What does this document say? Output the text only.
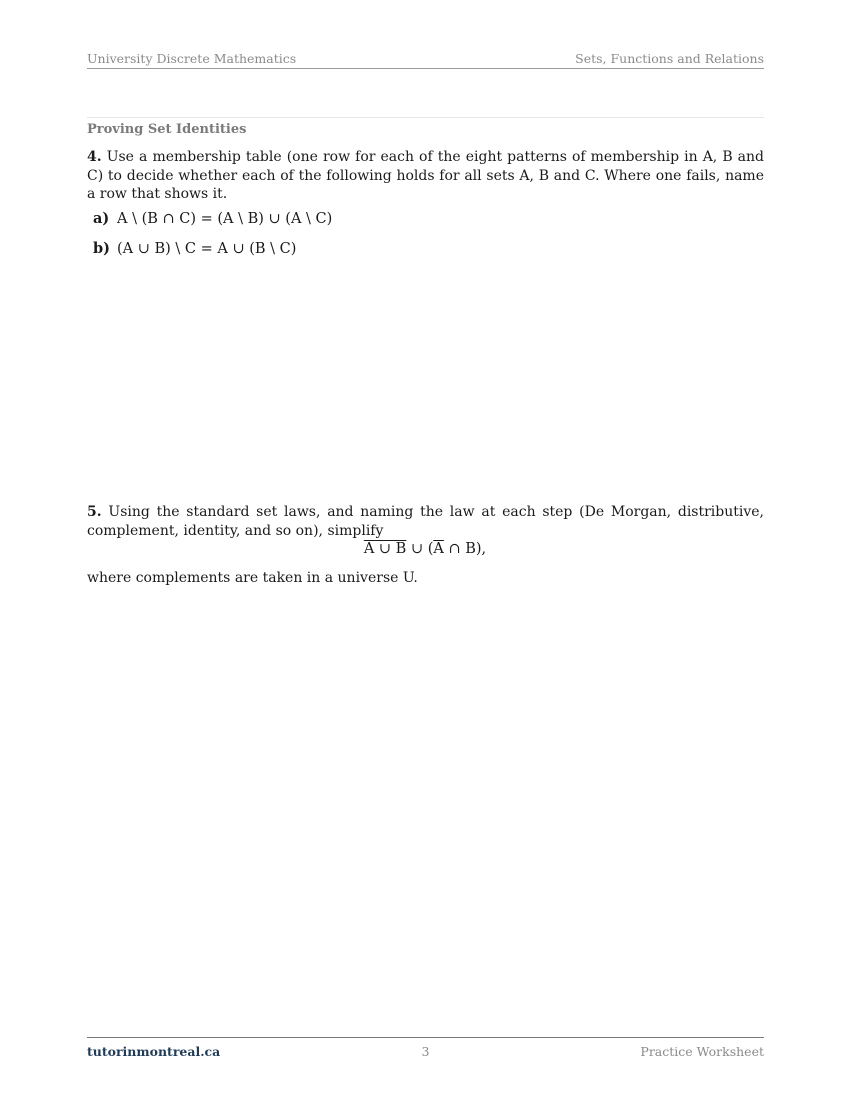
University Discrete Mathematics	Sets, Functions and Relations
Proving Set Identities
4. Use a membership table (one row for each of the eight patterns of membership in A, B and C) to decide whether each of the following holds for all sets A, B and C. Where one fails, name a row that shows it.
a) A \ (B ∩ C) = (A \ B) ∪ (A \ C)
b) (A ∪ B) \ C = A ∪ (B \ C)
5. Using the standard set laws, and naming the law at each step (De Morgan, distributive, complement, identity, and so on), simplify
A ∪ B ∪ ($\overline{A}$ ∩ B),
where complements are taken in a universe U.
tutorinmontreal.ca	3	Practice Worksheet
